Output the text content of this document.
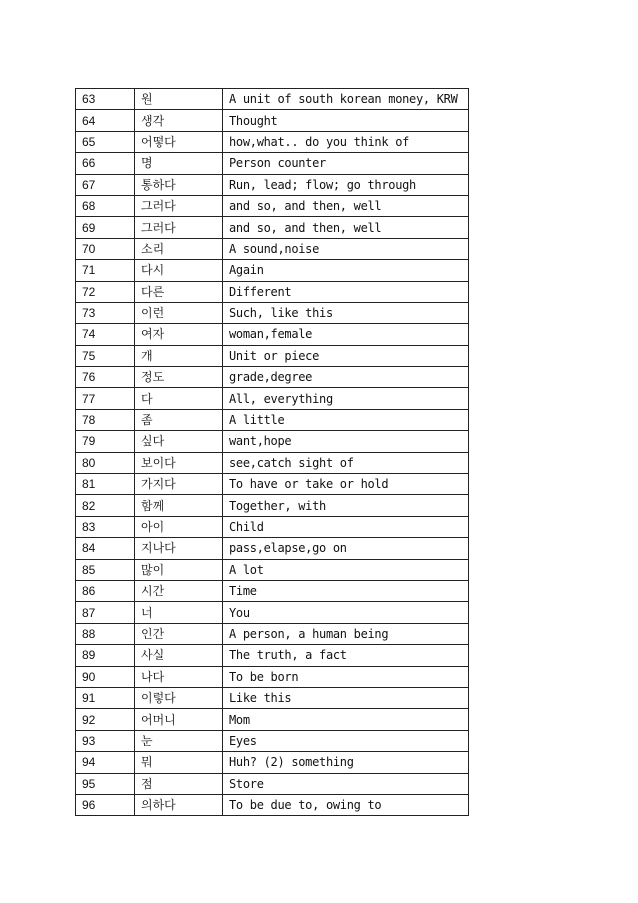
63	원	A unit of south korean money, KRW
64	생각	Thought
65	어떻다	how,what.. do you think of
66	명	Person counter
67	통하다	Run, lead; flow; go through
68	그러다	and so, and then, well
69	그러다	and so, and then, well
70	소리	A sound,noise
71	다시	Again
72	다른	Different
73	이런	Such, like this
74	여자	woman,female
75	개	Unit or piece
76	정도	grade,degree
77	다	All, everything
78	좀	A little
79	싶다	want,hope
80	보이다	see,catch sight of
81	가지다	To have or take or hold
82	함께	Together, with
83	아이	Child
84	지나다	pass,elapse,go on
85	많이	A lot
86	시간	Time
87	너	You
88	인간	A person, a human being
89	사실	The truth, a fact
90	나다	To be born
91	이렇다	Like this
92	어머니	Mom
93	눈	Eyes
94	뭐	Huh? (2) something
95	점	Store
96	의하다	To be due to, owing to
